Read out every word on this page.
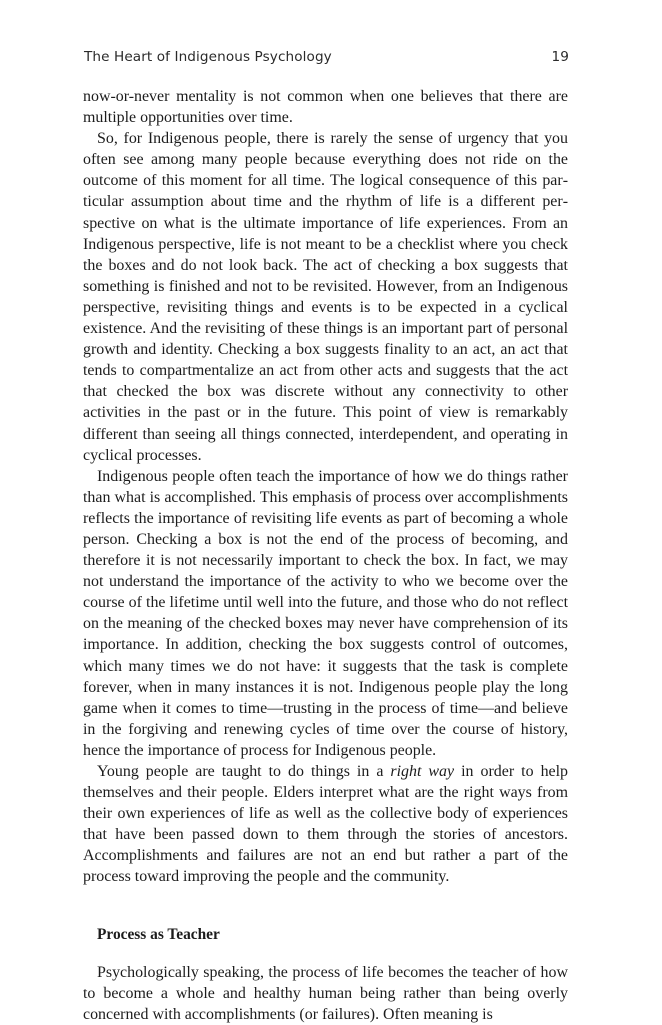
The Heart of Indigenous Psychology	19

now-or-never mentality is not common when one believes that there are multiple opportunities over time.

So, for Indigenous people, there is rarely the sense of urgency that you often see among many people because everything does not ride on the outcome of this moment for all time. The logical consequence of this particular assumption about time and the rhythm of life is a different perspective on what is the ultimate importance of life experiences. From an Indigenous perspective, life is not meant to be a checklist where you check the boxes and do not look back. The act of checking a box suggests that something is finished and not to be revisited. However, from an Indigenous perspective, revisiting things and events is to be expected in a cyclical existence. And the revisiting of these things is an important part of personal growth and identity. Checking a box suggests finality to an act, an act that tends to compartmentalize an act from other acts and suggests that the act that checked the box was discrete without any connectivity to other activities in the past or in the future. This point of view is remarkably different than seeing all things connected, interdependent, and operating in cyclical processes.

Indigenous people often teach the importance of how we do things rather than what is accomplished. This emphasis of process over accomplishments reflects the importance of revisiting life events as part of becoming a whole person. Checking a box is not the end of the process of becoming, and therefore it is not necessarily important to check the box. In fact, we may not understand the importance of the activity to who we become over the course of the lifetime until well into the future, and those who do not reflect on the meaning of the checked boxes may never have comprehension of its importance. In addition, checking the box suggests control of outcomes, which many times we do not have: it suggests that the task is complete forever, when in many instances it is not. Indigenous people play the long game when it comes to time—trusting in the process of time—and believe in the forgiving and renewing cycles of time over the course of history, hence the importance of process for Indigenous people.

Young people are taught to do things in a right way in order to help themselves and their people. Elders interpret what are the right ways from their own experiences of life as well as the collective body of experiences that have been passed down to them through the stories of ancestors. Accomplishments and failures are not an end but rather a part of the process toward improving the people and the community.

Process as Teacher

Psychologically speaking, the process of life becomes the teacher of how to become a whole and healthy human being rather than being overly concerned with accomplishments (or failures). Often meaning is
